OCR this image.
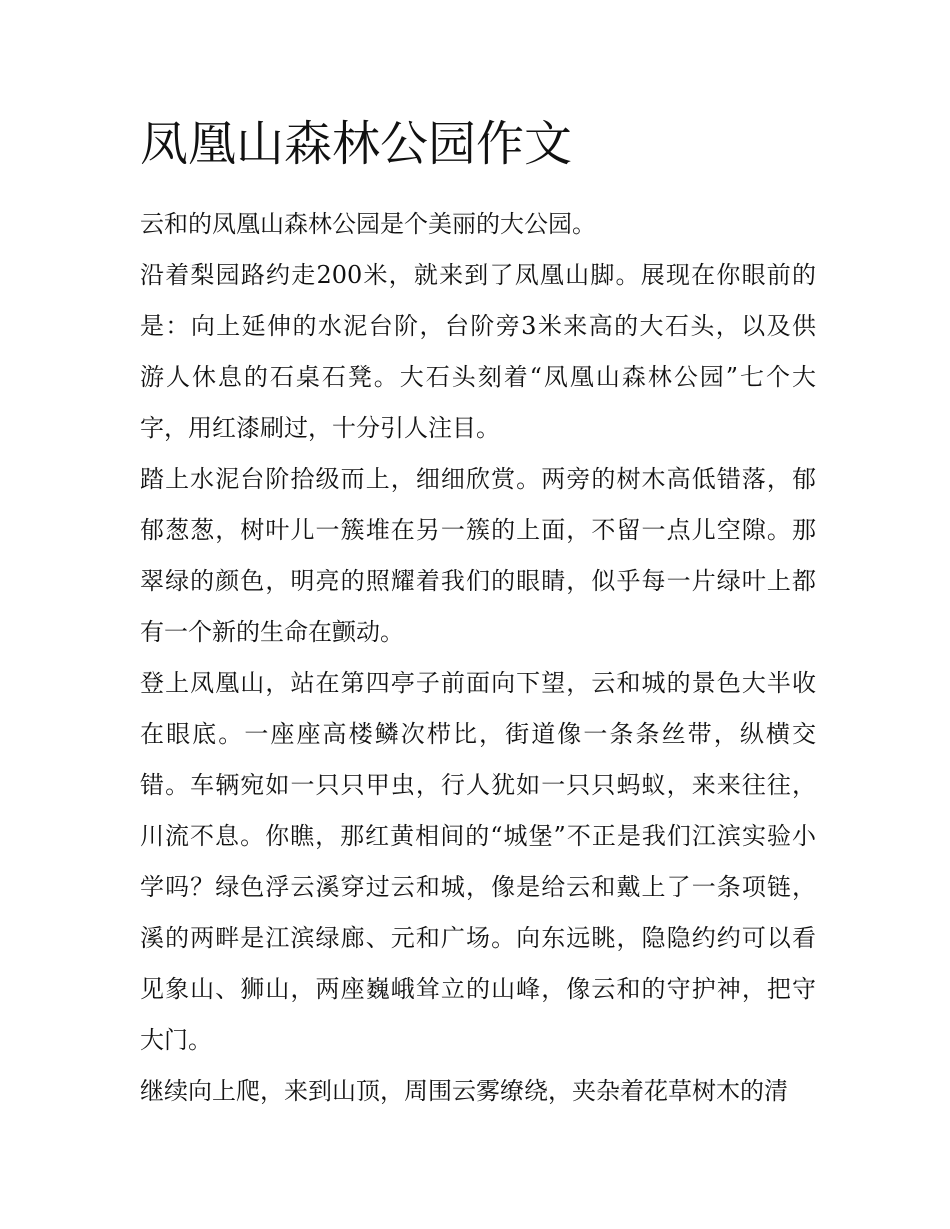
凤凰山森林公园作文
云和的凤凰山森林公园是个美丽的大公园。
沿着梨园路约走200米，就来到了凤凰山脚。展现在你眼前的
是：向上延伸的水泥台阶，台阶旁3米来高的大石头，以及供
游人休息的石桌石凳。大石头刻着“凤凰山森林公园”七个大
字，用红漆刷过，十分引人注目。
踏上水泥台阶拾级而上，细细欣赏。两旁的树木高低错落，郁
郁葱葱，树叶儿一簇堆在另一簇的上面，不留一点儿空隙。那
翠绿的颜色，明亮的照耀着我们的眼睛，似乎每一片绿叶上都
有一个新的生命在颤动。
登上凤凰山，站在第四亭子前面向下望，云和城的景色大半收
在眼底。一座座高楼鳞次栉比，街道像一条条丝带，纵横交
错。车辆宛如一只只甲虫，行人犹如一只只蚂蚁，来来往往，
川流不息。你瞧，那红黄相间的“城堡”不正是我们江滨实验小
学吗？绿色浮云溪穿过云和城，像是给云和戴上了一条项链，
溪的两畔是江滨绿廊、元和广场。向东远眺，隐隐约约可以看
见象山、狮山，两座巍峨耸立的山峰，像云和的守护神，把守
大门。
继续向上爬，来到山顶，周围云雾缭绕，夹杂着花草树木的清
